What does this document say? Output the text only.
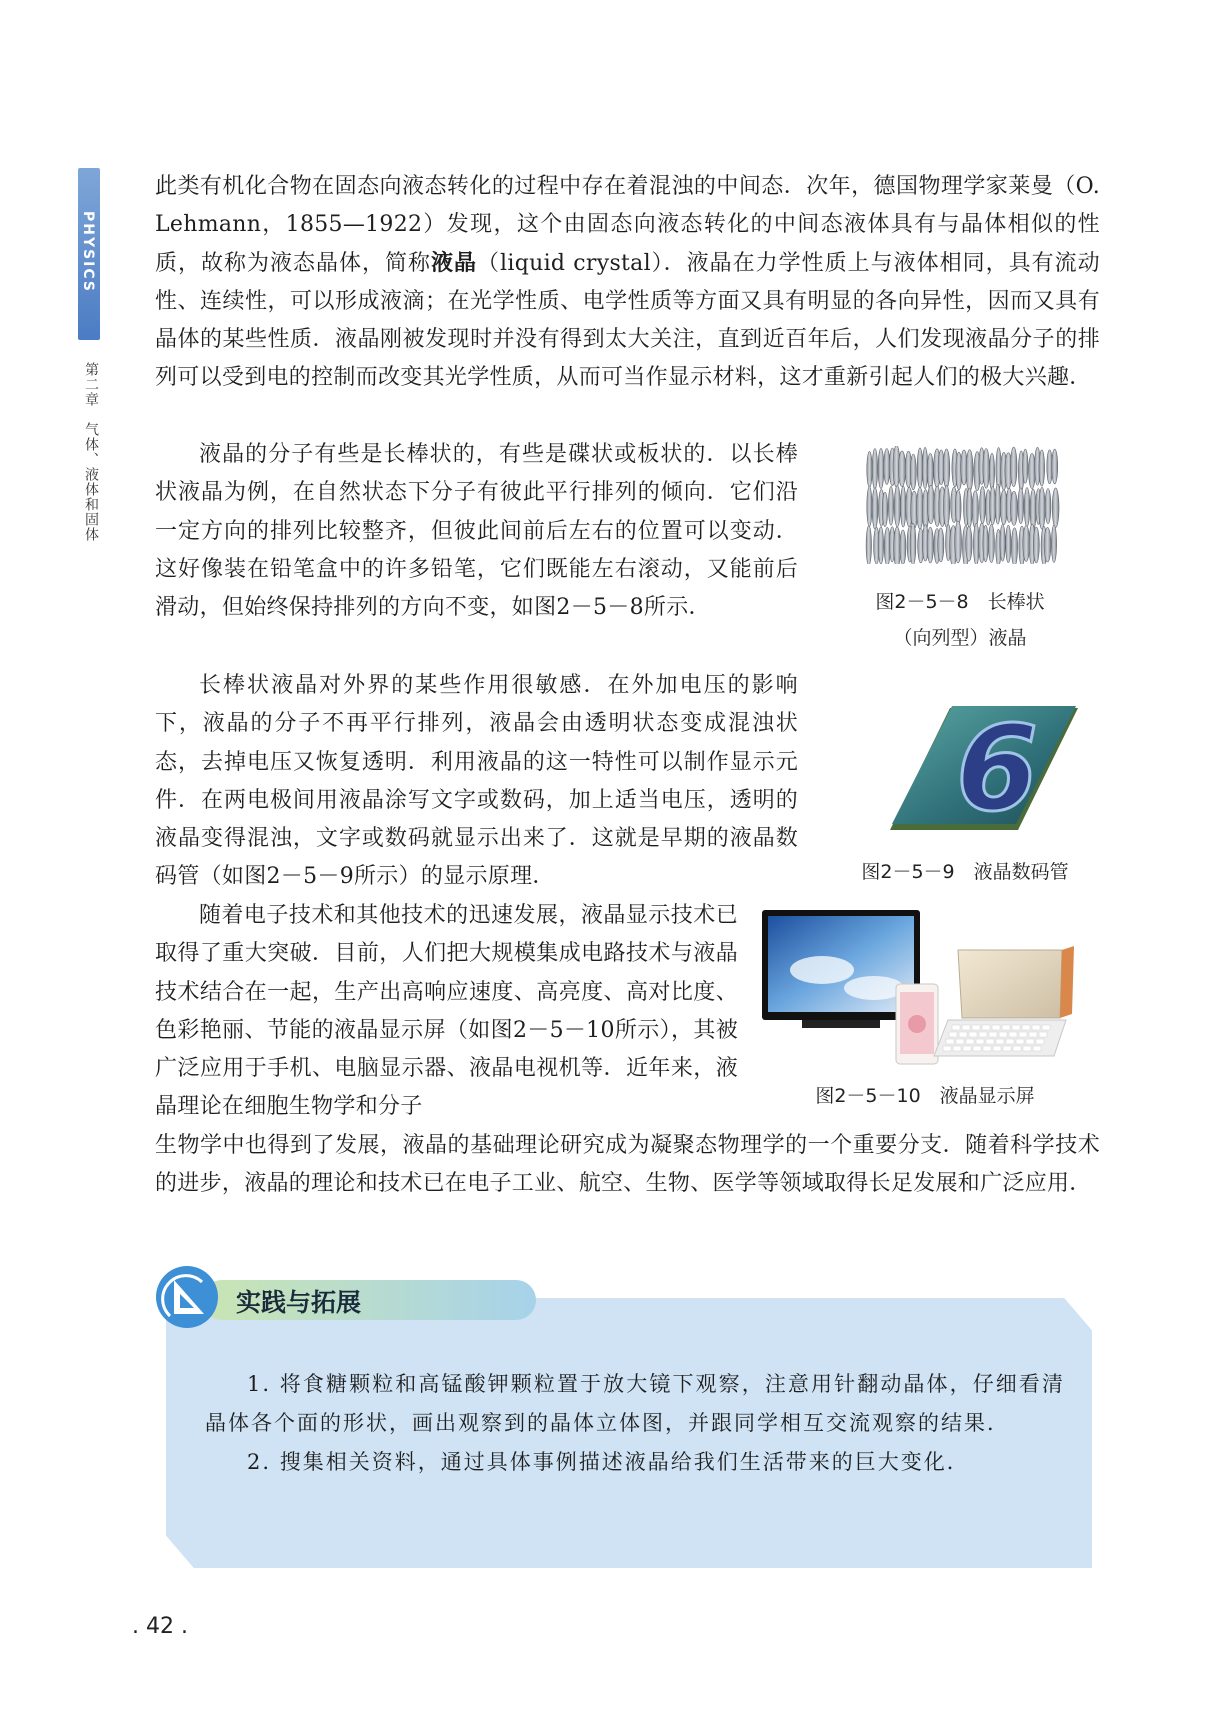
PHYSICS
第二章　气体、液体和固体

此类有机化合物在固态向液态转化的过程中存在着混浊的中间态．次年，德国物理学家莱曼（O. Lehmann，1855—1922）发现，这个由固态向液态转化的中间态液体具有与晶体相似的性质，故称为液态晶体，简称液晶（liquid crystal）．液晶在力学性质上与液体相同，具有流动性、连续性，可以形成液滴；在光学性质、电学性质等方面又具有明显的各向异性，因而又具有晶体的某些性质．液晶刚被发现时并没有得到太大关注，直到近百年后，人们发现液晶分子的排列可以受到电的控制而改变其光学性质，从而可当作显示材料，这才重新引起人们的极大兴趣．

液晶的分子有些是长棒状的，有些是碟状或板状的．以长棒状液晶为例，在自然状态下分子有彼此平行排列的倾向．它们沿一定方向的排列比较整齐，但彼此间前后左右的位置可以变动．这好像装在铅笔盒中的许多铅笔，它们既能左右滚动，又能前后滑动，但始终保持排列的方向不变，如图2－5－8所示．

长棒状液晶对外界的某些作用很敏感．在外加电压的影响下，液晶的分子不再平行排列，液晶会由透明状态变成混浊状态，去掉电压又恢复透明．利用液晶的这一特性可以制作显示元件．在两电极间用液晶涂写文字或数码，加上适当电压，透明的液晶变得混浊，文字或数码就显示出来了．这就是早期的液晶数码管（如图2－5－9所示）的显示原理．

随着电子技术和其他技术的迅速发展，液晶显示技术已取得了重大突破．目前，人们把大规模集成电路技术与液晶技术结合在一起，生产出高响应速度、高亮度、高对比度、色彩艳丽、节能的液晶显示屏（如图2－5－10所示），其被广泛应用于手机、电脑显示器、液晶电视机等．近年来，液晶理论在细胞生物学和分子

生物学中也得到了发展，液晶的基础理论研究成为凝聚态物理学的一个重要分支．随着科学技术的进步，液晶的理论和技术已在电子工业、航空、生物、医学等领域取得长足发展和广泛应用．

图2－5－8　长棒状
（向列型）液晶
6
图2－5－9　液晶数码管
图2－5－10　液晶显示屏
实践与拓展

1. 将食糖颗粒和高锰酸钾颗粒置于放大镜下观察，注意用针翻动晶体，仔细看清晶体各个面的形状，画出观察到的晶体立体图，并跟同学相互交流观察的结果．

2. 搜集相关资料，通过具体事例描述液晶给我们生活带来的巨大变化．

. 42 .
